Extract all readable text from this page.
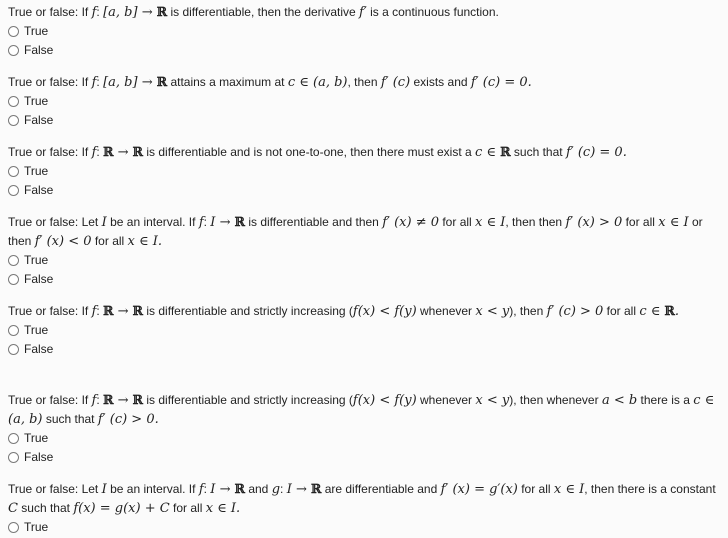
True or false: If f: [a, b] → ℝ is differentiable, then the derivative f′ is a continuous function.
True
False
True or false: If f: [a, b] → ℝ attains a maximum at c ∈ (a, b), then f′ (c) exists and f′ (c) = 0.
True
False
True or false: If f: ℝ → ℝ is differentiable and is not one-to-one, then there must exist a c ∈ ℝ such that f′ (c) = 0.
True
False
True or false: Let I be an interval. If f: I → ℝ is differentiable and then f′ (x) ≠ 0 for all x ∈ I, then then f′ (x) > 0 for all x ∈ I or then f′ (x) < 0 for all x ∈ I.
True
False
True or false: If f: ℝ → ℝ is differentiable and strictly increasing (f(x) < f(y) whenever x < y), then f′ (c) > 0 for all c ∈ ℝ.
True
False
True or false: If f: ℝ → ℝ is differentiable and strictly increasing (f(x) < f(y) whenever x < y), then whenever a < b there is a c ∈ (a, b) such that f′ (c) > 0.
True
False
True or false: Let I be an interval. If f: I → ℝ and g: I → ℝ are differentiable and f′ (x) = g′(x) for all x ∈ I, then there is a constant C such that f(x) = g(x) + C for all x ∈ I.
True
